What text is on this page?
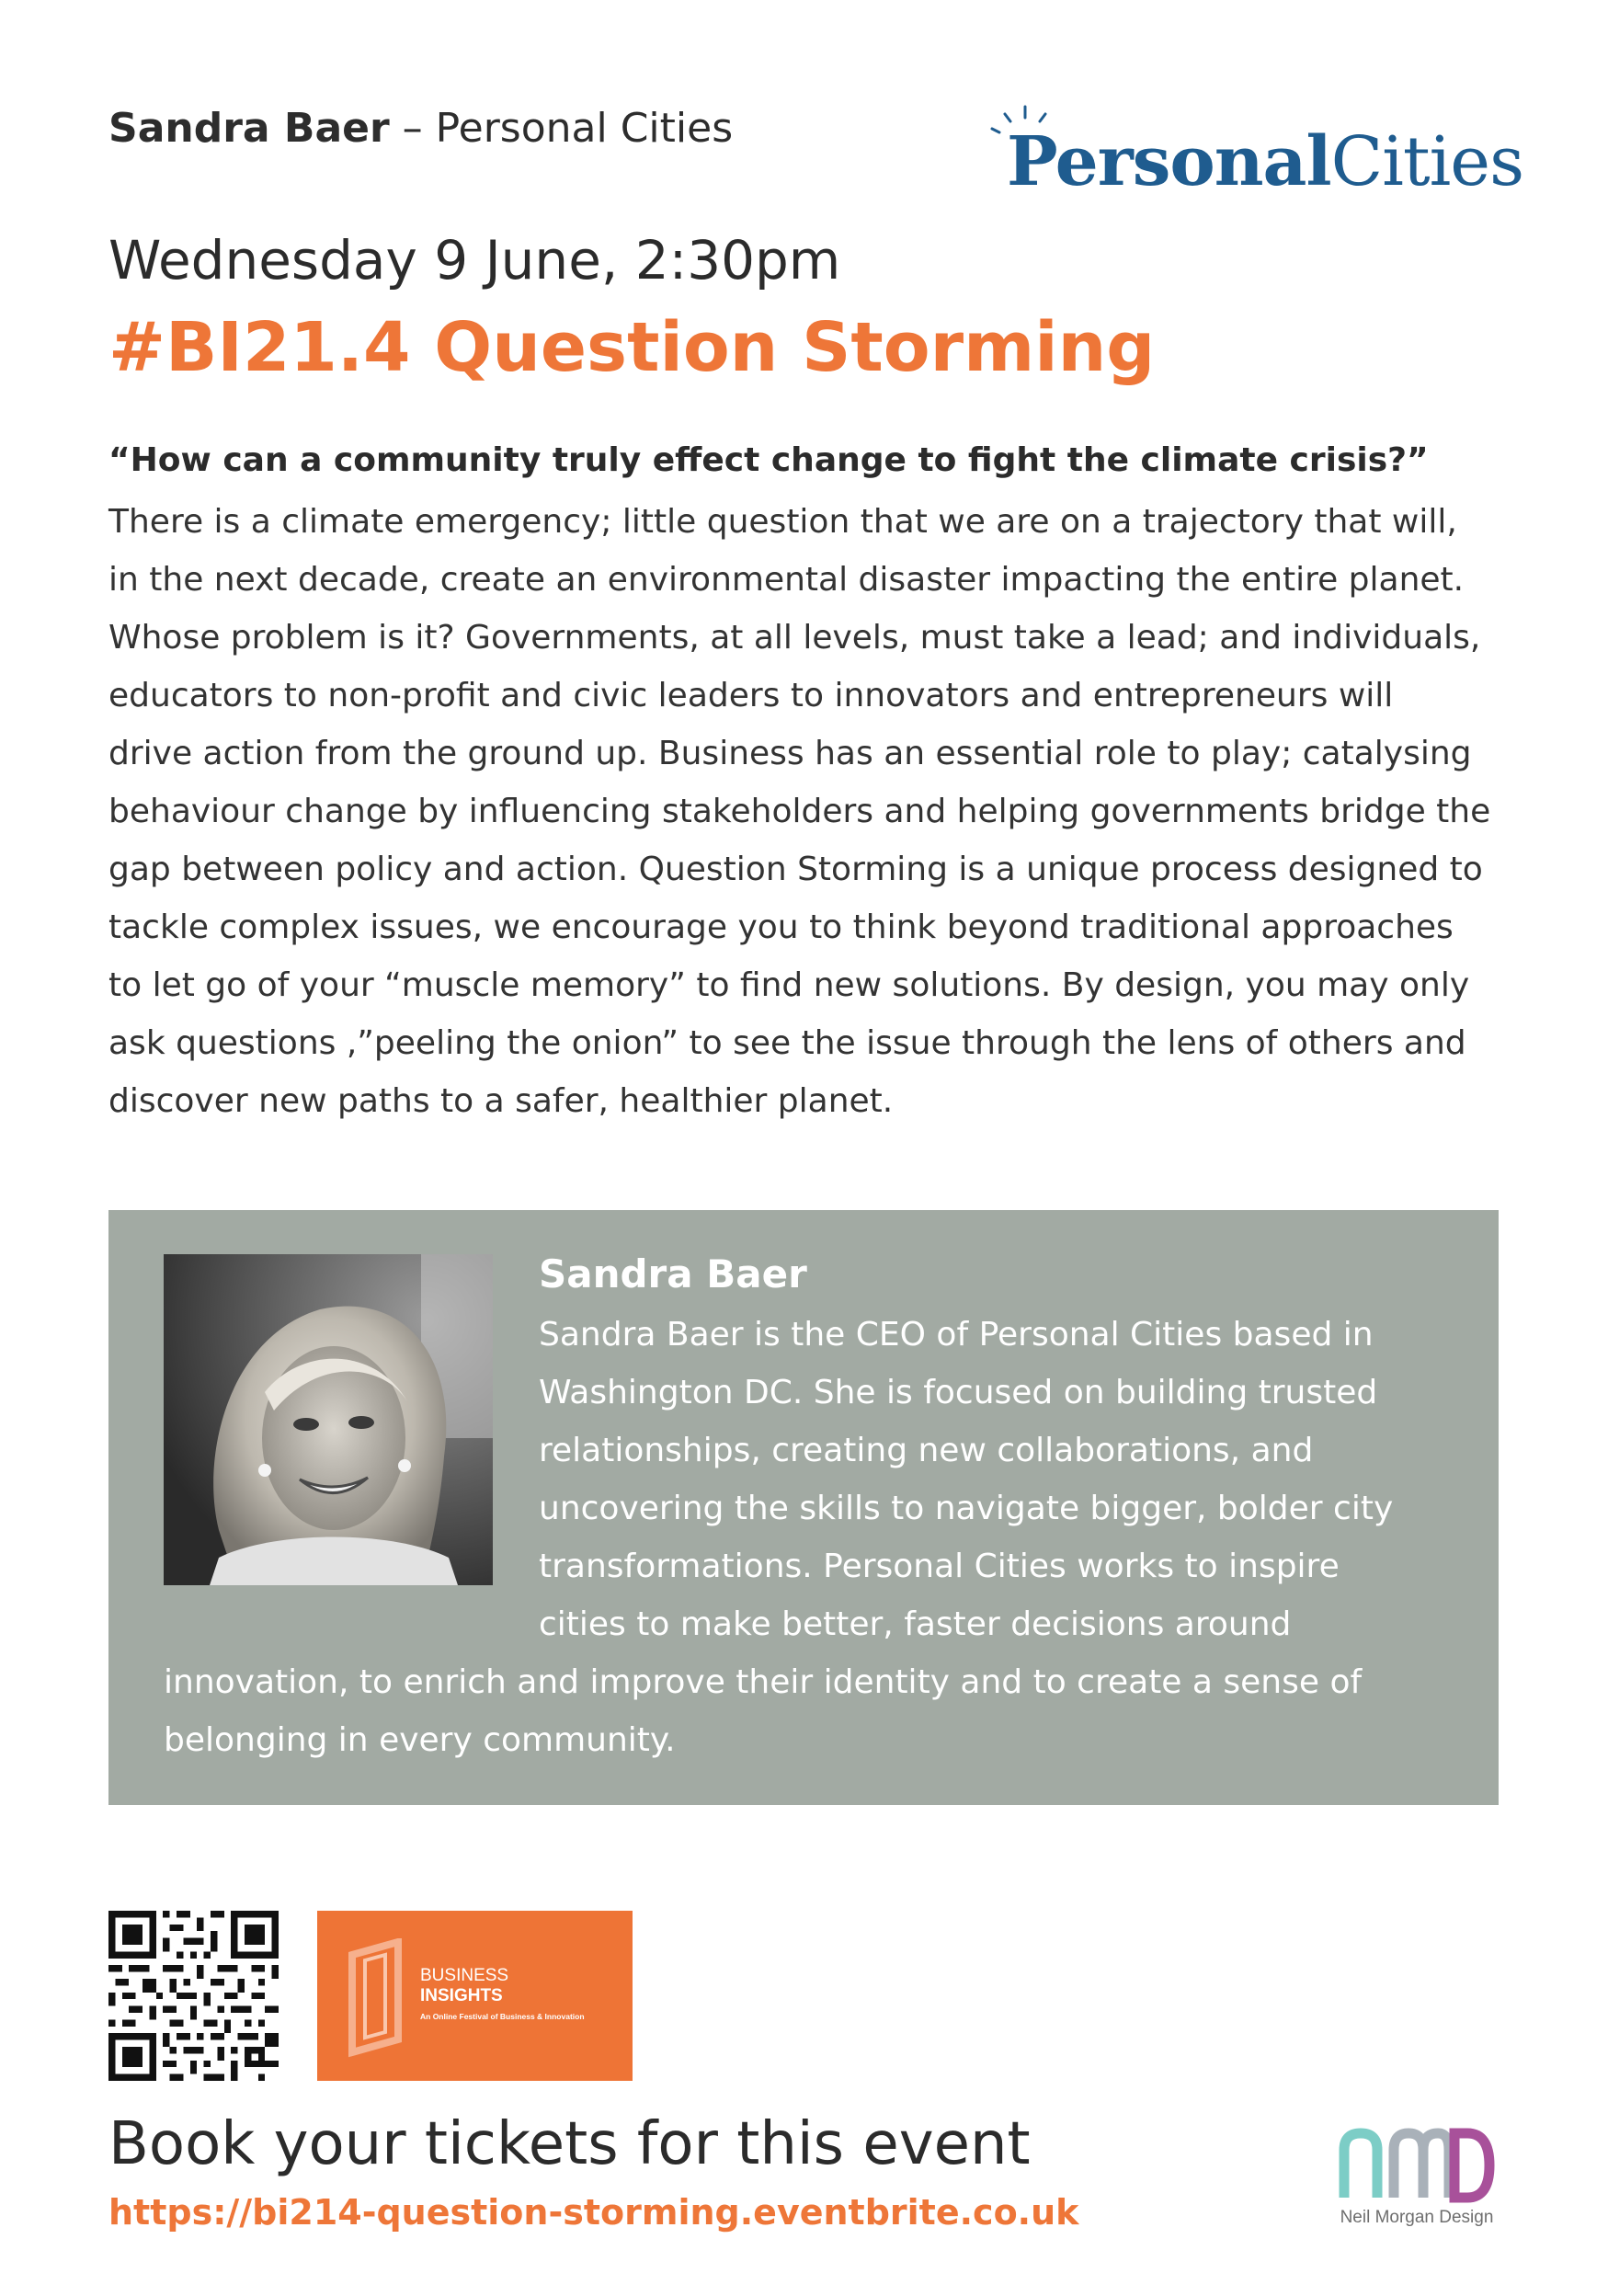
Sandra Baer – Personal Cities	PersonalCities
Wednesday 9 June, 2:30pm
#BI21.4 Question Storming
“How can a community truly effect change to fight the climate crisis?”
There is a climate emergency; little question that we are on a trajectory that will,
in the next decade, create an environmental disaster impacting the entire planet.
Whose problem is it? Governments, at all levels, must take a lead; and individuals,
educators to non-profit and civic leaders to innovators and entrepreneurs will
drive action from the ground up. Business has an essential role to play; catalysing
behaviour change by influencing stakeholders and helping governments bridge the
gap between policy and action. Question Storming is a unique process designed to
tackle complex issues, we encourage you to think beyond traditional approaches
to let go of your “muscle memory” to find new solutions. By design, you may only
ask questions ,”peeling the onion” to see the issue through the lens of others and
discover new paths to a safer, healthier planet.
Sandra Baer
Sandra Baer is the CEO of Personal Cities based in
Washington DC. She is focused on building trusted
relationships, creating new collaborations, and
uncovering the skills to navigate bigger, bolder city
transformations. Personal Cities works to inspire
cities to make better, faster decisions around
innovation, to enrich and improve their identity and to create a sense of
belonging in every community.
BUSINESS
INSIGHTS
An Online Festival of Business & Innovation
Book your tickets for this event
https://bi214-question-storming.eventbrite.co.uk	Neil Morgan Design
